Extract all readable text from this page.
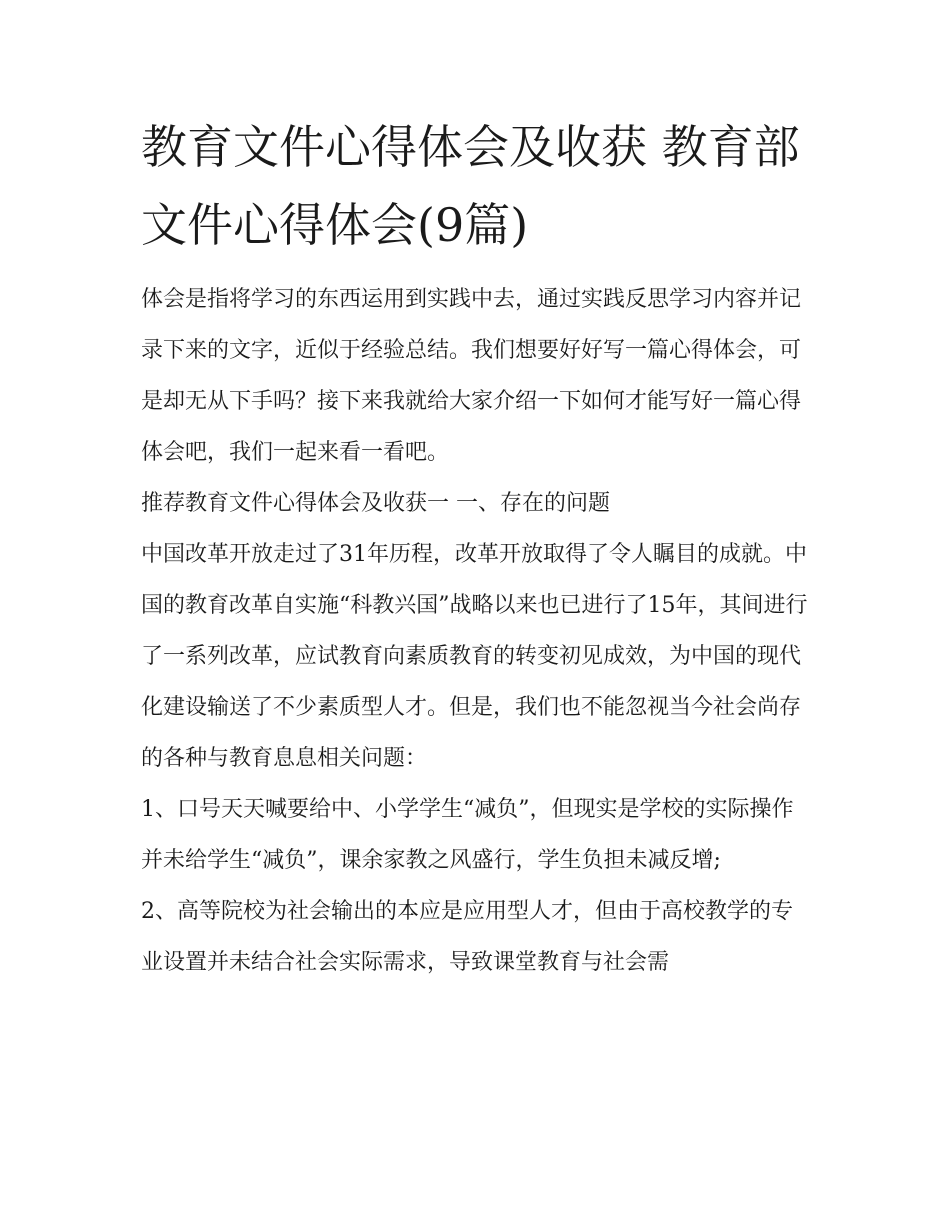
教育文件心得体会及收获 教育部文件心得体会(9篇)

体会是指将学习的东西运用到实践中去，通过实践反思学习内容并记录下来的文字，近似于经验总结。我们想要好好写一篇心得体会，可是却无从下手吗？接下来我就给大家介绍一下如何才能写好一篇心得体会吧，我们一起来看一看吧。

推荐教育文件心得体会及收获一 一、存在的问题

中国改革开放走过了31年历程，改革开放取得了令人瞩目的成就。中国的教育改革自实施“科教兴国”战略以来也已进行了15年，其间进行了一系列改革，应试教育向素质教育的转变初见成效，为中国的现代化建设输送了不少素质型人才。但是，我们也不能忽视当今社会尚存的各种与教育息息相关问题：

1、口号天天喊要给中、小学学生“减负”，但现实是学校的实际操作并未给学生“减负”，课余家教之风盛行，学生负担未减反增;

2、高等院校为社会输出的本应是应用型人才，但由于高校教学的专业设置并未结合社会实际需求，导致课堂教育与社会需
